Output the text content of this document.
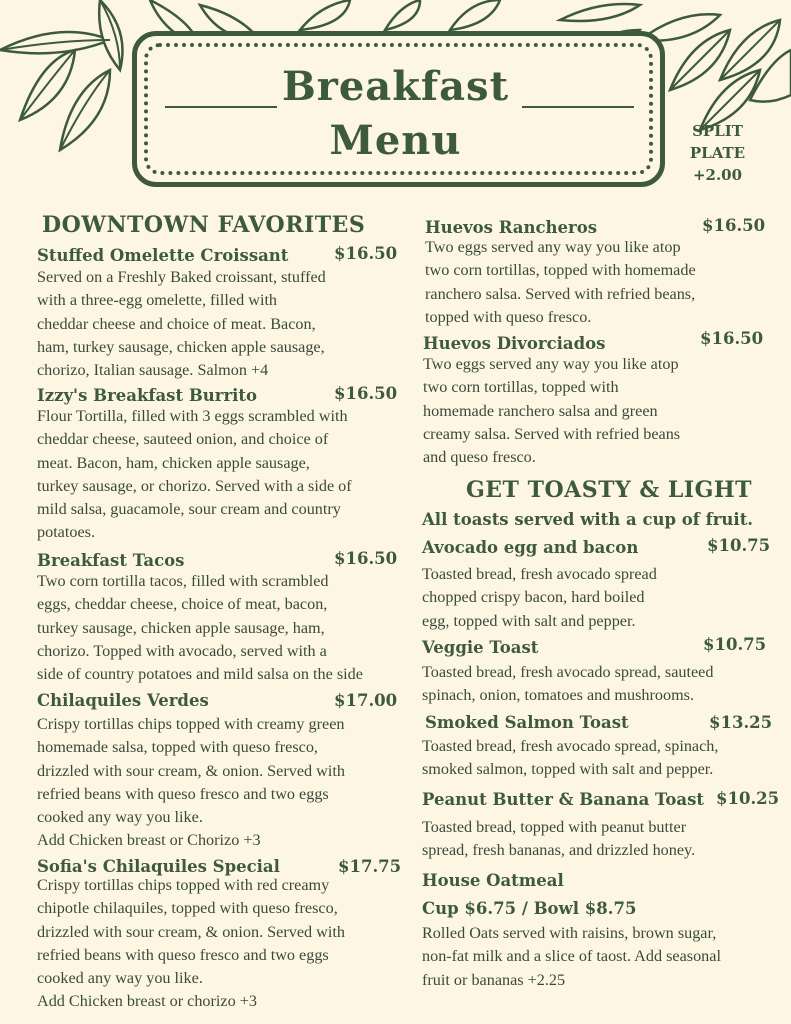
Breakfast
Menu	SPLIT
PLATE
+2.00
DOWNTOWN FAVORITES
Stuffed Omelette Croissant	$16.50
Served on a Freshly Baked croissant, stuffed
with a three-egg omelette, filled with
cheddar cheese and choice of meat. Bacon,
ham, turkey sausage, chicken apple sausage,
chorizo, Italian sausage. Salmon +4
Izzy's Breakfast Burrito	$16.50
Flour Tortilla, filled with 3 eggs scrambled with
cheddar cheese, sauteed onion, and choice of
meat. Bacon, ham, chicken apple sausage,
turkey sausage, or chorizo. Served with a side of
mild salsa, guacamole, sour cream and country
potatoes.
Breakfast Tacos	$16.50
Two corn tortilla tacos, filled with scrambled
eggs, cheddar cheese, choice of meat, bacon,
turkey sausage, chicken apple sausage, ham,
chorizo. Topped with avocado, served with a
side of country potatoes and mild salsa on the side
Chilaquiles Verdes	$17.00
Crispy tortillas chips topped with creamy green
homemade salsa, topped with queso fresco,
drizzled with sour cream, & onion. Served with
refried beans with queso fresco and two eggs
cooked any way you like.
Add Chicken breast or Chorizo +3
Sofia's Chilaquiles Special	$17.75
Crispy tortillas chips topped with red creamy
chipotle chilaquiles, topped with queso fresco,
drizzled with sour cream, & onion. Served with
refried beans with queso fresco and two eggs
cooked any way you like.
Add Chicken breast or chorizo +3
Huevos Rancheros	$16.50
Two eggs served any way you like atop
two corn tortillas, topped with homemade
ranchero salsa. Served with refried beans,
topped with queso fresco.
Huevos Divorciados	$16.50
Two eggs served any way you like atop
two corn tortillas, topped with
homemade ranchero salsa and green
creamy salsa. Served with refried beans
and queso fresco.
GET TOASTY & LIGHT
All toasts served with a cup of fruit.
Avocado egg and bacon	$10.75
Toasted bread, fresh avocado spread
chopped crispy bacon, hard boiled
egg, topped with salt and pepper.
Veggie Toast	$10.75
Toasted bread, fresh avocado spread, sauteed
spinach, onion, tomatoes and mushrooms.
Smoked Salmon Toast	$13.25
Toasted bread, fresh avocado spread, spinach,
smoked salmon, topped with salt and pepper.
Peanut Butter & Banana Toast $10.25
Toasted bread, topped with peanut butter
spread, fresh bananas, and drizzled honey.
House Oatmeal
Cup $6.75 / Bowl $8.75
Rolled Oats served with raisins, brown sugar,
non-fat milk and a slice of taost. Add seasonal
fruit or bananas +2.25
